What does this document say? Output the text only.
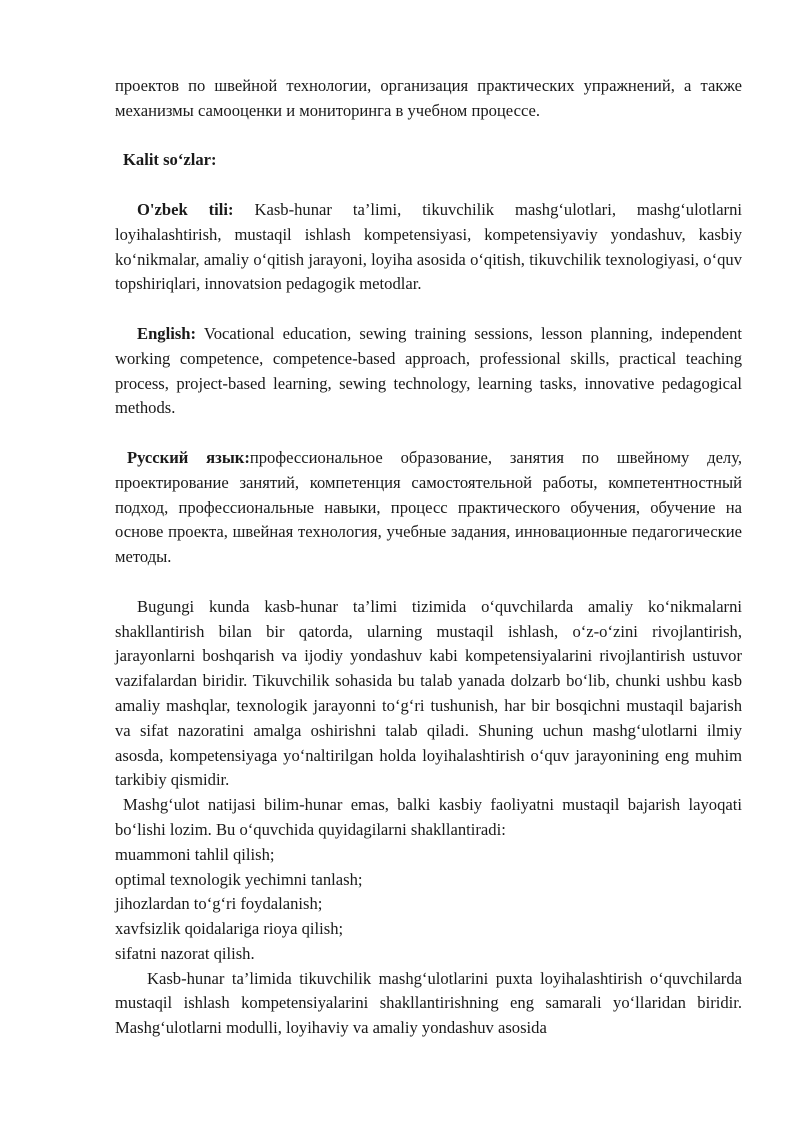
проектов по швейной технологии, организация практических упражнений, а также механизмы самооценки и мониторинга в учебном процессе.

Kalit so‘zlar:

O'zbek tili: Kasb-hunar ta’limi, tikuvchilik mashg‘ulotlari, mashg‘ulotlarni loyihalashtirish, mustaqil ishlash kompetensiyasi, kompetensiyaviy yondashuv, kasbiy ko‘nikmalar, amaliy o‘qitish jarayoni, loyiha asosida o‘qitish, tikuvchilik texnologiyasi, o‘quv topshiriqlari, innovatsion pedagogik metodlar.

English: Vocational education, sewing training sessions, lesson planning, independent working competence, competence-based approach, professional skills, practical teaching process, project-based learning, sewing technology, learning tasks, innovative pedagogical methods.

Русский язык:профессиональное образование, занятия по швейному делу, проектирование занятий, компетенция самостоятельной работы, компетентностный подход, профессиональные навыки, процесс практического обучения, обучение на основе проекта, швейная технология, учебные задания, инновационные педагогические методы.

Bugungi kunda kasb-hunar ta’limi tizimida o‘quvchilarda amaliy ko‘nikmalarni shakllantirish bilan bir qatorda, ularning mustaqil ishlash, o‘z-o‘zini rivojlantirish, jarayonlarni boshqarish va ijodiy yondashuv kabi kompetensiyalarini rivojlantirish ustuvor vazifalardan biridir. Tikuvchilik sohasida bu talab yanada dolzarb bo‘lib, chunki ushbu kasb amaliy mashqlar, texnologik jarayonni to‘g‘ri tushunish, har bir bosqichni mustaqil bajarish va sifat nazoratini amalga oshirishni talab qiladi. Shuning uchun mashg‘ulotlarni ilmiy asosda, kompetensiyaga yo‘naltirilgan holda loyihalashtirish o‘quv jarayonining eng muhim tarkibiy qismidir.

Mashg‘ulot natijasi bilim-hunar emas, balki kasbiy faoliyatni mustaqil bajarish layoqati bo‘lishi lozim. Bu o‘quvchida quyidagilarni shakllantiradi:

muammoni tahlil qilish;

optimal texnologik yechimni tanlash;

jihozlardan to‘g‘ri foydalanish;

xavfsizlik qoidalariga rioya qilish;

sifatni nazorat qilish.

Kasb-hunar ta’limida tikuvchilik mashg‘ulotlarini puxta loyihalashtirish o‘quvchilarda mustaqil ishlash kompetensiyalarini shakllantirishning eng samarali yo‘llaridan biridir. Mashg‘ulotlarni modulli, loyihaviy va amaliy yondashuv asosida
